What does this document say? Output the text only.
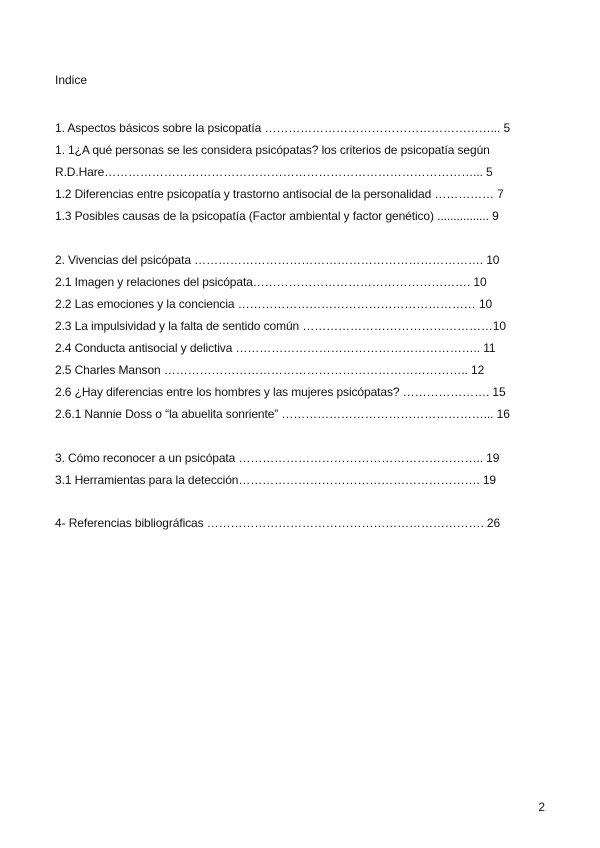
Indice
1. Aspectos básicos sobre la psicopatía …………………………………………………... 5
1. 1¿A qué personas se les considera psicópatas? los criterios de psicopatía según
R.D.Hare…………………………………………………………………………………... 5
1.2 Diferencias entre psicopatía y trastorno antisocial de la personalidad …………… 7
1.3 Posibles causas de la psicopatía (Factor ambiental y factor genético) ................ 9
2. Vivencias del psicópata ………………………………………………………………. 10
2.1 Imagen y relaciones del psicópata………………………………………………. 10
2.2 Las emociones y la conciencia …………………………………………………… 10
2.3 La impulsividad y la falta de sentido común …………………………………………10
2.4 Conducta antisocial y delictiva …………………………………………………….. 11
2.5 Charles Manson ………………………………………………………………….. 12
2.6 ¿Hay diferencias entre los hombres y las mujeres psicópatas? …………………. 15
2.6.1 Nannie Doss o “la abuelita sonriente” ……………………………………………... 16
3. Cómo reconocer a un psicópata …………………………………………………….. 19
3.1 Herramientas para la detección……………………………………………………. 19
4- Referencias bibliográficas ……………………………………………………………. 26
2
